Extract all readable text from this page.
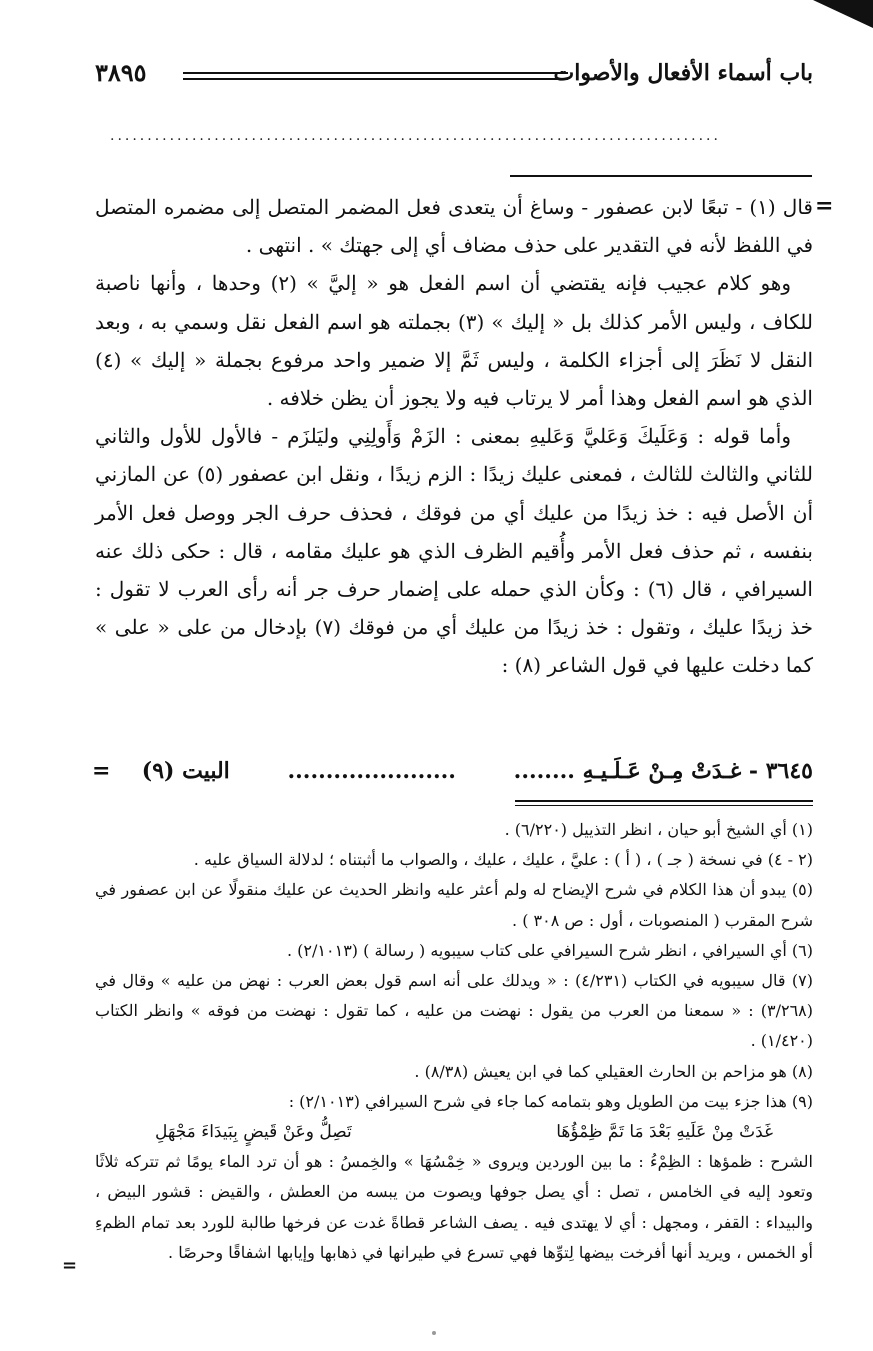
باب أسماء الأفعال والأصوات
٣٨٩٥
..................................................................................
=

قال (١) - تبعًا لابن عصفور - وساغ أن يتعدى فعل المضمر المتصل إلى مضمره المتصل في اللفظ لأنه في التقدير على حذف مضاف أي إلى جهتك » . انتهى .

وهو كلام عجيب فإنه يقتضي أن اسم الفعل هو « إليَّ » (٢) وحدها ، وأنها ناصبة للكاف ، وليس الأمر كذلك بل « إليك » (٣) بجملته هو اسم الفعل نقل وسمي به ، وبعد النقل لا نَظَرَ إلى أجزاء الكلمة ، وليس ثَمَّ إلا ضمير واحد مرفوع بجملة « إليك » (٤) الذي هو اسم الفعل وهذا أمر لا يرتاب فيه ولا يجوز أن يظن خلافه .

وأما قوله : وَعَلَيكَ وَعَليَّ وَعَليهِ بمعنى : الزَمْ وَأَولِنِي وليَلزَم - فالأول للأول والثاني للثاني والثالث للثالث ، فمعنى عليك زيدًا : الزم زيدًا ، ونقل ابن عصفور (٥) عن المازني أن الأصل فيه : خذ زيدًا من عليك أي من فوقك ، فحذف حرف الجر ووصل فعل الأمر بنفسه ، ثم حذف فعل الأمر وأُقيم الظرف الذي هو عليك مقامه ، قال : حكى ذلك عنه السيرافي ، قال (٦) : وكأن الذي حمله على إضمار حرف جر أنه رأى العرب لا تقول : خذ زيدًا عليك ، وتقول : خذ زيدًا من عليك أي من فوقك (٧) بإدخال من على « على » كما دخلت عليها في قول الشاعر (٨) :

٣٦٤٥ - غـدَتْ مِـنْ عَـلَـيـهِ ........ ...................... البيت (٩)
=

(١) أي الشيخ أبو حيان ، انظر التذييل (٦/٢٢٠) .

(٢ - ٤) في نسخة ( جـ ) ، ( أ ) : عليَّ ، عليك ، عليك ، والصواب ما أثبتناه ؛ لدلالة السياق عليه .

(٥) يبدو أن هذا الكلام في شرح الإيضاح له ولم أعثر عليه وانظر الحديث عن عليك منقولًا عن ابن عصفور في شرح المقرب ( المنصوبات ، أول : ص ٣٠٨ ) .

(٦) أي السيرافي ، انظر شرح السيرافي على كتاب سيبويه ( رسالة ) (٢/١٠١٣) .

(٧) قال سيبويه في الكتاب (٤/٢٣١) : « ويدلك على أنه اسم قول بعض العرب : نهض من عليه » وقال في (٣/٢٦٨) : « سمعنا من العرب من يقول : نهضت من عليه ، كما تقول : نهضت من فوقه » وانظر الكتاب (١/٤٢٠) .

(٨) هو مزاحم بن الحارث العقيلي كما في ابن يعيش (٨/٣٨) .

(٩) هذا جزء بيت من الطويل وهو بتمامه كما جاء في شرح السيرافي (٢/١٠١٣) :

غَدَتْ مِنْ عَلَيهِ بَعْدَ مَا تَمَّ ظِمْؤُهَا
تَصِلُّ وعَنْ قَيضٍ بِبَيدَاءَ مَجْهَلِ

الشرح : ظمؤها : الظِمْءُ : ما بين الوردين ويروى « خِمْسُهَا » والخِمسُ : هو أن ترد الماء يومًا ثم تتركه ثلاثًا وتعود إليه في الخامس ، تصل : أي يصل جوفها ويصوت من يبسه من العطش ، والقيض : قشور البيض ، والبيداء : القفر ، ومجهل : أي لا يهتدى فيه . يصف الشاعر قطاةً غدت عن فرخها طالبة للورد بعد تمام الظمءِ أو الخمس ، ويريد أنها أفرخت بيضها لِتوِّها فهي تسرع في طيرانها في ذهابها وإيابها اشفاقًا وحرصًا .

=
